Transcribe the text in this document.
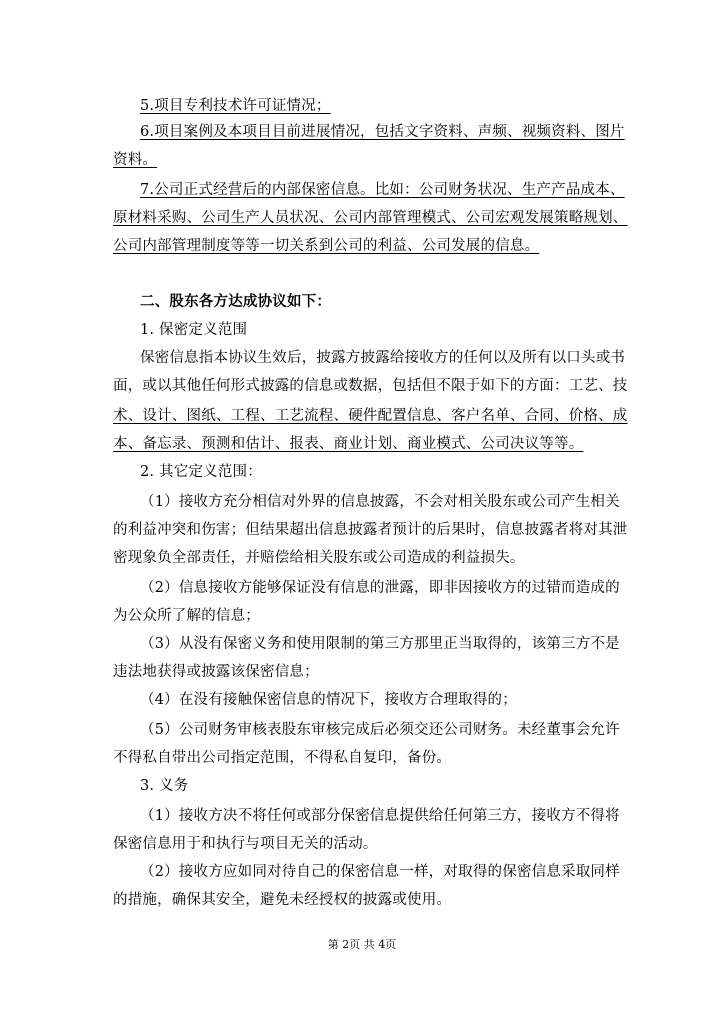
5.项目专利技术许可证情况；
6.项目案例及本项目目前进展情况，包括文字资料、声频、视频资料、图片
资料。
7.公司正式经营后的内部保密信息。比如：公司财务状况、生产产品成本、
原材料采购、公司生产人员状况、公司内部管理模式、公司宏观发展策略规划、
公司内部管理制度等等一切关系到公司的利益、公司发展的信息。
二、股东各方达成协议如下：
1. 保密定义范围
保密信息指本协议生效后，披露方披露给接收方的任何以及所有以口头或书
面，或以其他任何形式披露的信息或数据，包括但不限于如下的方面：工艺、技
术、设计、图纸、工程、工艺流程、硬件配置信息、客户名单、合同、价格、成
本、备忘录、预测和估计、报表、商业计划、商业模式、公司决议等等。
2. 其它定义范围：
（1）接收方充分相信对外界的信息披露，不会对相关股东或公司产生相关
的利益冲突和伤害；但结果超出信息披露者预计的后果时，信息披露者将对其泄
密现象负全部责任，并赔偿给相关股东或公司造成的利益损失。
（2）信息接收方能够保证没有信息的泄露，即非因接收方的过错而造成的
为公众所了解的信息；
（3）从没有保密义务和使用限制的第三方那里正当取得的，该第三方不是
违法地获得或披露该保密信息；
（4）在没有接触保密信息的情况下，接收方合理取得的；
（5）公司财务审核表股东审核完成后必须交还公司财务。未经董事会允许
不得私自带出公司指定范围，不得私自复印，备份。
3. 义务
（1）接收方决不将任何或部分保密信息提供给任何第三方，接收方不得将
保密信息用于和执行与项目无关的活动。
（2）接收方应如同对待自己的保密信息一样，对取得的保密信息采取同样
的措施，确保其安全，避免未经授权的披露或使用。
第 2页 共 4页
